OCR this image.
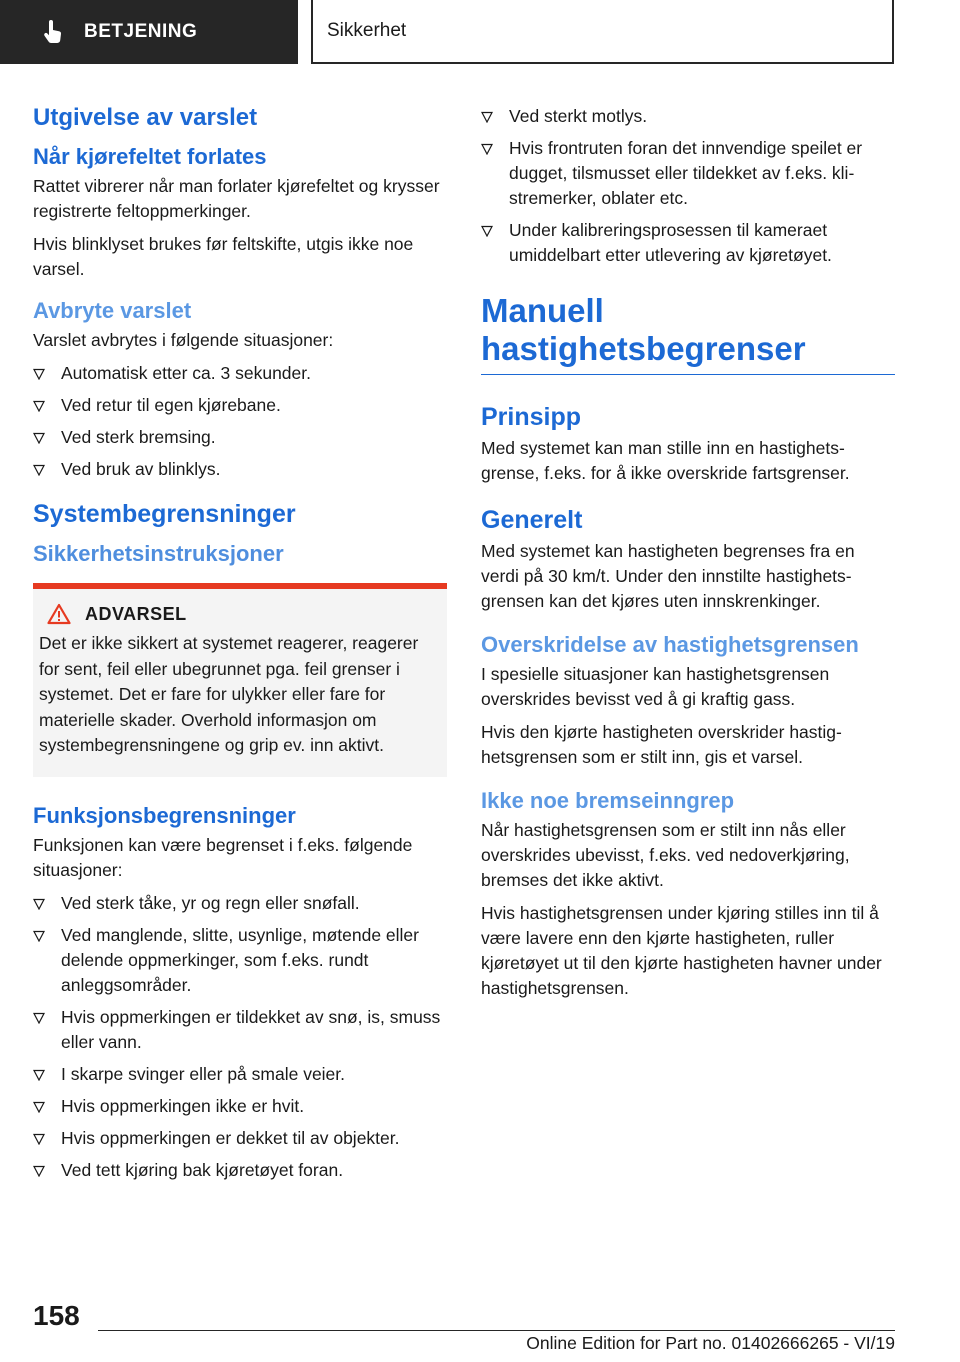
BETJENING	Sikkerhet
Utgivelse av varslet
Når kjørefeltet forlates

Rattet vibrerer når man forlater kjørefeltet og krysser registrerte feltoppmerkinger.

Hvis blinklyset brukes før feltskifte, utgis ikke noe varsel.

Avbryte varslet

Varslet avbrytes i følgende situasjoner:

Automatisk etter ca. 3 sekunder.
Ved retur til egen kjørebane.
Ved sterk bremsing.
Ved bruk av blinklys.
Systembegrensninger
Sikkerhetsinstruksjoner
ADVARSEL

Det er ikke sikkert at systemet reagerer, reagerer for sent, feil eller ubegrunnet pga. feil grenser i systemet. Det er fare for ulykker eller fare for materielle skader. Overhold informasjon om systembegrensningene og grip ev. inn aktivt.

Funksjonsbegrensninger

Funksjonen kan være begrenset i f.eks. følgende situasjoner:

Ved sterk tåke, yr og regn eller snøfall.
Ved manglende, slitte, usynlige, møtende eller delende oppmerkinger, som f.eks. rundt anleggsområder.
Hvis oppmerkingen er tildekket av snø, is, smuss eller vann.
I skarpe svinger eller på smale veier.
Hvis oppmerkingen ikke er hvit.
Hvis oppmerkingen er dekket til av objekter.
Ved tett kjøring bak kjøretøyet foran.
Ved sterkt motlys.
Hvis frontruten foran det innvendige speilet er dugget, tilsmusset eller tildekket av f.eks. klistremerker, oblater etc.
Under kalibreringsprosessen til kameraet umiddelbart etter utlevering av kjøretøyet.
Manuell hastighetsbegrenser
Prinsipp

Med systemet kan man stille inn en hastighetsgrense, f.eks. for å ikke overskride fartsgrenser.

Generelt

Med systemet kan hastigheten begrenses fra en verdi på 30 km/t. Under den innstilte hastighetsgrensen kan det kjøres uten innskrenkinger.

Overskridelse av hastighetsgrensen

I spesielle situasjoner kan hastighetsgrensen overskrides bevisst ved å gi kraftig gass.

Hvis den kjørte hastigheten overskrider hastighetsgrensen som er stilt inn, gis et varsel.

Ikke noe bremseinngrep

Når hastighetsgrensen som er stilt inn nås eller overskrides ubevisst, f.eks. ved nedoverkjøring, bremses det ikke aktivt.

Hvis hastighetsgrensen under kjøring stilles inn til å være lavere enn den kjørte hastigheten, ruller kjøretøyet ut til den kjørte hastigheten havner under hastighetsgrensen.

158
Online Edition for Part no. 01402666265 - VI/19
